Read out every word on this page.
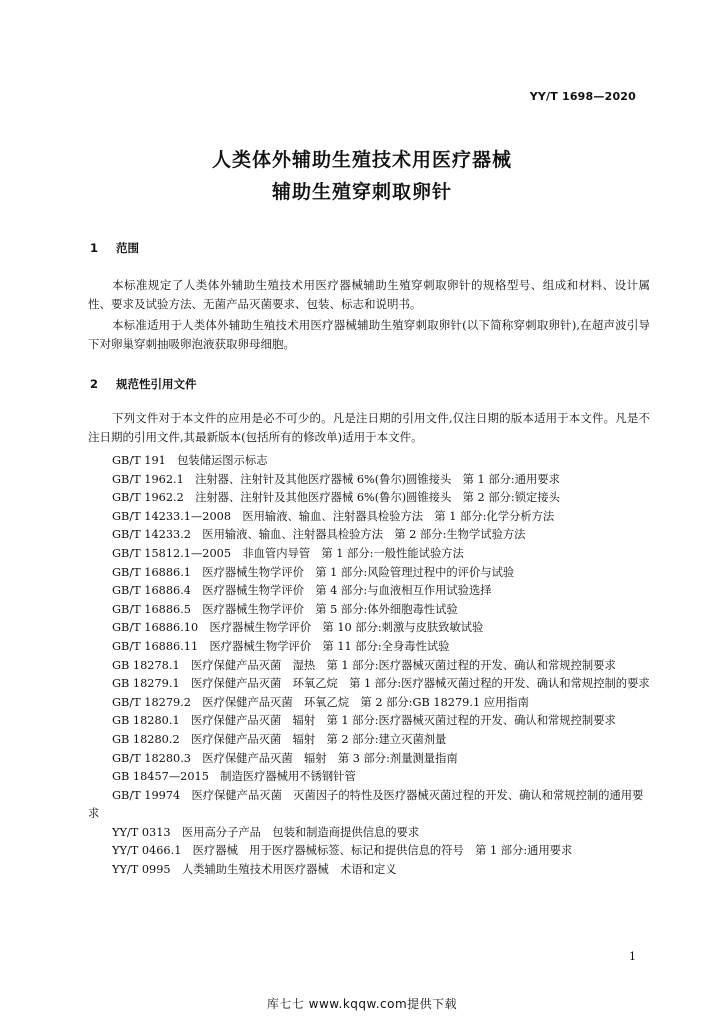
YY/T 1698—2020
人类体外辅助生殖技术用医疗器械
辅助生殖穿刺取卵针
1 范围
本标准规定了人类体外辅助生殖技术用医疗器械辅助生殖穿刺取卵针的规格型号、组成和材料、设计属性、要求及试验方法、无菌产品灭菌要求、包装、标志和说明书。
本标准适用于人类体外辅助生殖技术用医疗器械辅助生殖穿刺取卵针(以下简称穿刺取卵针),在超声波引导下对卵巢穿刺抽吸卵泡液获取卵母细胞。
2 规范性引用文件
下列文件对于本文件的应用是必不可少的。凡是注日期的引用文件,仅注日期的版本适用于本文件。凡是不注日期的引用文件,其最新版本(包括所有的修改单)适用于本文件。

GB/T 191　包装储运图示标志

GB/T 1962.1　注射器、注射针及其他医疗器械 6%(鲁尔)圆锥接头　第 1 部分:通用要求

GB/T 1962.2　注射器、注射针及其他医疗器械 6%(鲁尔)圆锥接头　第 2 部分:锁定接头

GB/T 14233.1—2008　医用输液、输血、注射器具检验方法　第 1 部分:化学分析方法

GB/T 14233.2　医用输液、输血、注射器具检验方法　第 2 部分:生物学试验方法

GB/T 15812.1—2005　非血管内导管　第 1 部分:一般性能试验方法

GB/T 16886.1　医疗器械生物学评价　第 1 部分:风险管理过程中的评价与试验

GB/T 16886.4　医疗器械生物学评价　第 4 部分:与血液相互作用试验选择

GB/T 16886.5　医疗器械生物学评价　第 5 部分:体外细胞毒性试验

GB/T 16886.10　医疗器械生物学评价　第 10 部分:刺激与皮肤致敏试验

GB/T 16886.11　医疗器械生物学评价　第 11 部分:全身毒性试验

GB 18278.1　医疗保健产品灭菌　湿热　第 1 部分:医疗器械灭菌过程的开发、确认和常规控制要求

GB 18279.1　医疗保健产品灭菌　环氧乙烷　第 1 部分:医疗器械灭菌过程的开发、确认和常规控制的要求

GB/T 18279.2　医疗保健产品灭菌　环氧乙烷　第 2 部分:GB 18279.1 应用指南

GB 18280.1　医疗保健产品灭菌　辐射　第 1 部分:医疗器械灭菌过程的开发、确认和常规控制要求

GB 18280.2　医疗保健产品灭菌　辐射　第 2 部分:建立灭菌剂量

GB/T 18280.3　医疗保健产品灭菌　辐射　第 3 部分:剂量测量指南

GB 18457—2015　制造医疗器械用不锈钢针管

GB/T 19974　医疗保健产品灭菌　灭菌因子的特性及医疗器械灭菌过程的开发、确认和常规控制的通用要求

YY/T 0313　医用高分子产品　包装和制造商提供信息的要求

YY/T 0466.1　医疗器械　用于医疗器械标签、标记和提供信息的符号　第 1 部分:通用要求

YY/T 0995　人类辅助生殖技术用医疗器械　术语和定义

1
库七七 www.kqqw.com提供下载
